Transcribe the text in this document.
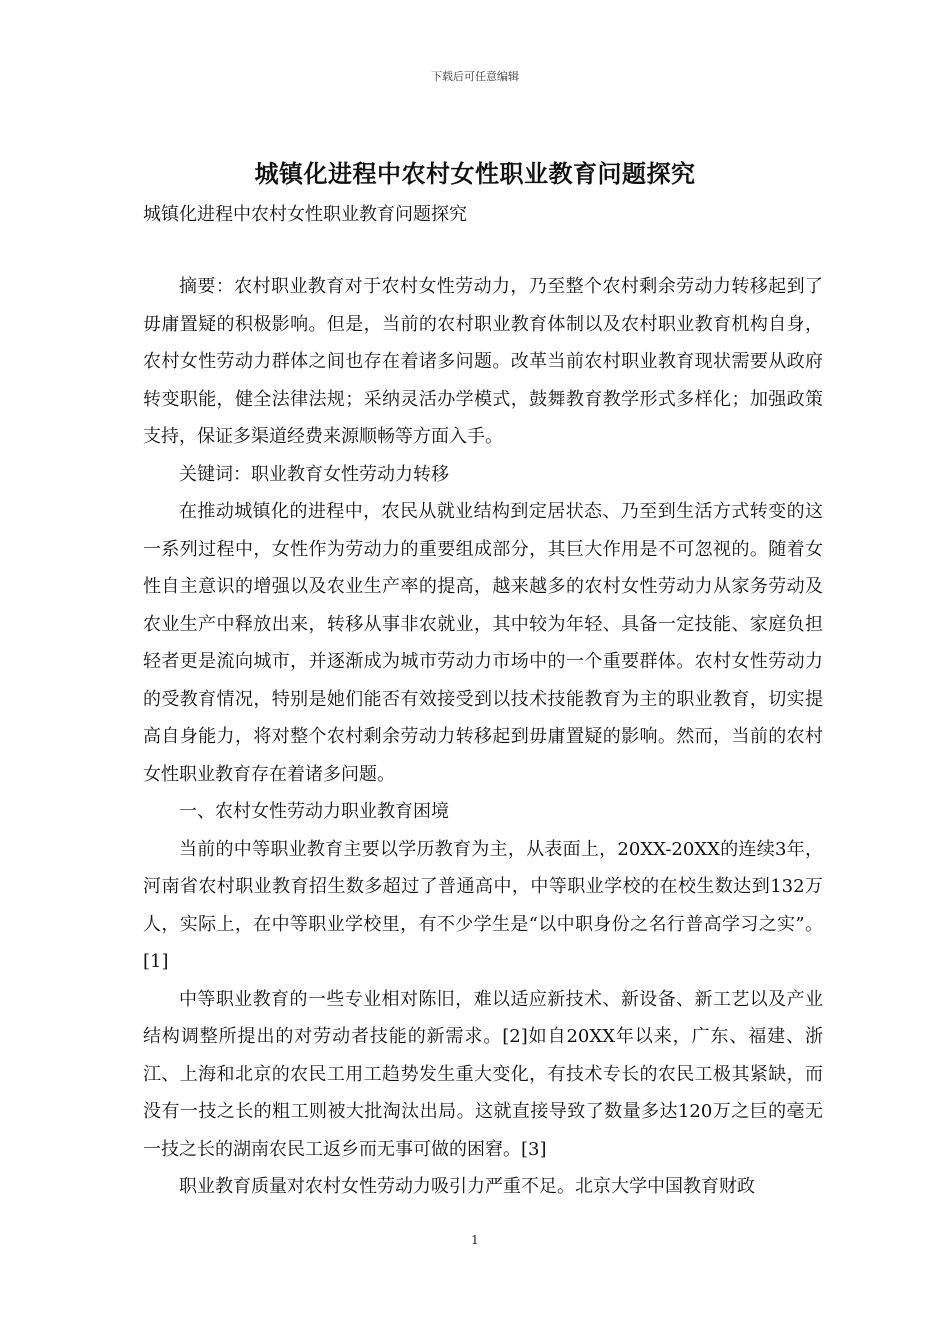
下载后可任意编辑
城镇化进程中农村女性职业教育问题探究
城镇化进程中农村女性职业教育问题探究

摘要：农村职业教育对于农村女性劳动力，乃至整个农村剩余劳动力转移起到了毋庸置疑的积极影响。但是，当前的农村职业教育体制以及农村职业教育机构自身，农村女性劳动力群体之间也存在着诸多问题。改革当前农村职业教育现状需要从政府转变职能，健全法律法规；采纳灵活办学模式，鼓舞教育教学形式多样化；加强政策支持，保证多渠道经费来源顺畅等方面入手。

关键词：职业教育女性劳动力转移

在推动城镇化的进程中，农民从就业结构到定居状态、乃至到生活方式转变的这一系列过程中，女性作为劳动力的重要组成部分，其巨大作用是不可忽视的。随着女性自主意识的增强以及农业生产率的提高，越来越多的农村女性劳动力从家务劳动及农业生产中释放出来，转移从事非农就业，其中较为年轻、具备一定技能、家庭负担轻者更是流向城市，并逐渐成为城市劳动力市场中的一个重要群体。农村女性劳动力的受教育情况，特别是她们能否有效接受到以技术技能教育为主的职业教育，切实提高自身能力，将对整个农村剩余劳动力转移起到毋庸置疑的影响。然而，当前的农村女性职业教育存在着诸多问题。

一、农村女性劳动力职业教育困境

当前的中等职业教育主要以学历教育为主，从表面上，20XX-20XX的连续3年，河南省农村职业教育招生数多超过了普通高中，中等职业学校的在校生数达到132万人，实际上，在中等职业学校里，有不少学生是“以中职身份之名行普高学习之实”。[1]

中等职业教育的一些专业相对陈旧，难以适应新技术、新设备、新工艺以及产业结构调整所提出的对劳动者技能的新需求。[2]如自20XX年以来，广东、福建、浙江、上海和北京的农民工用工趋势发生重大变化，有技术专长的农民工极其紧缺，而没有一技之长的粗工则被大批淘汰出局。这就直接导致了数量多达120万之巨的毫无一技之长的湖南农民工返乡而无事可做的困窘。[3]

职业教育质量对农村女性劳动力吸引力严重不足。北京大学中国教育财政

1
